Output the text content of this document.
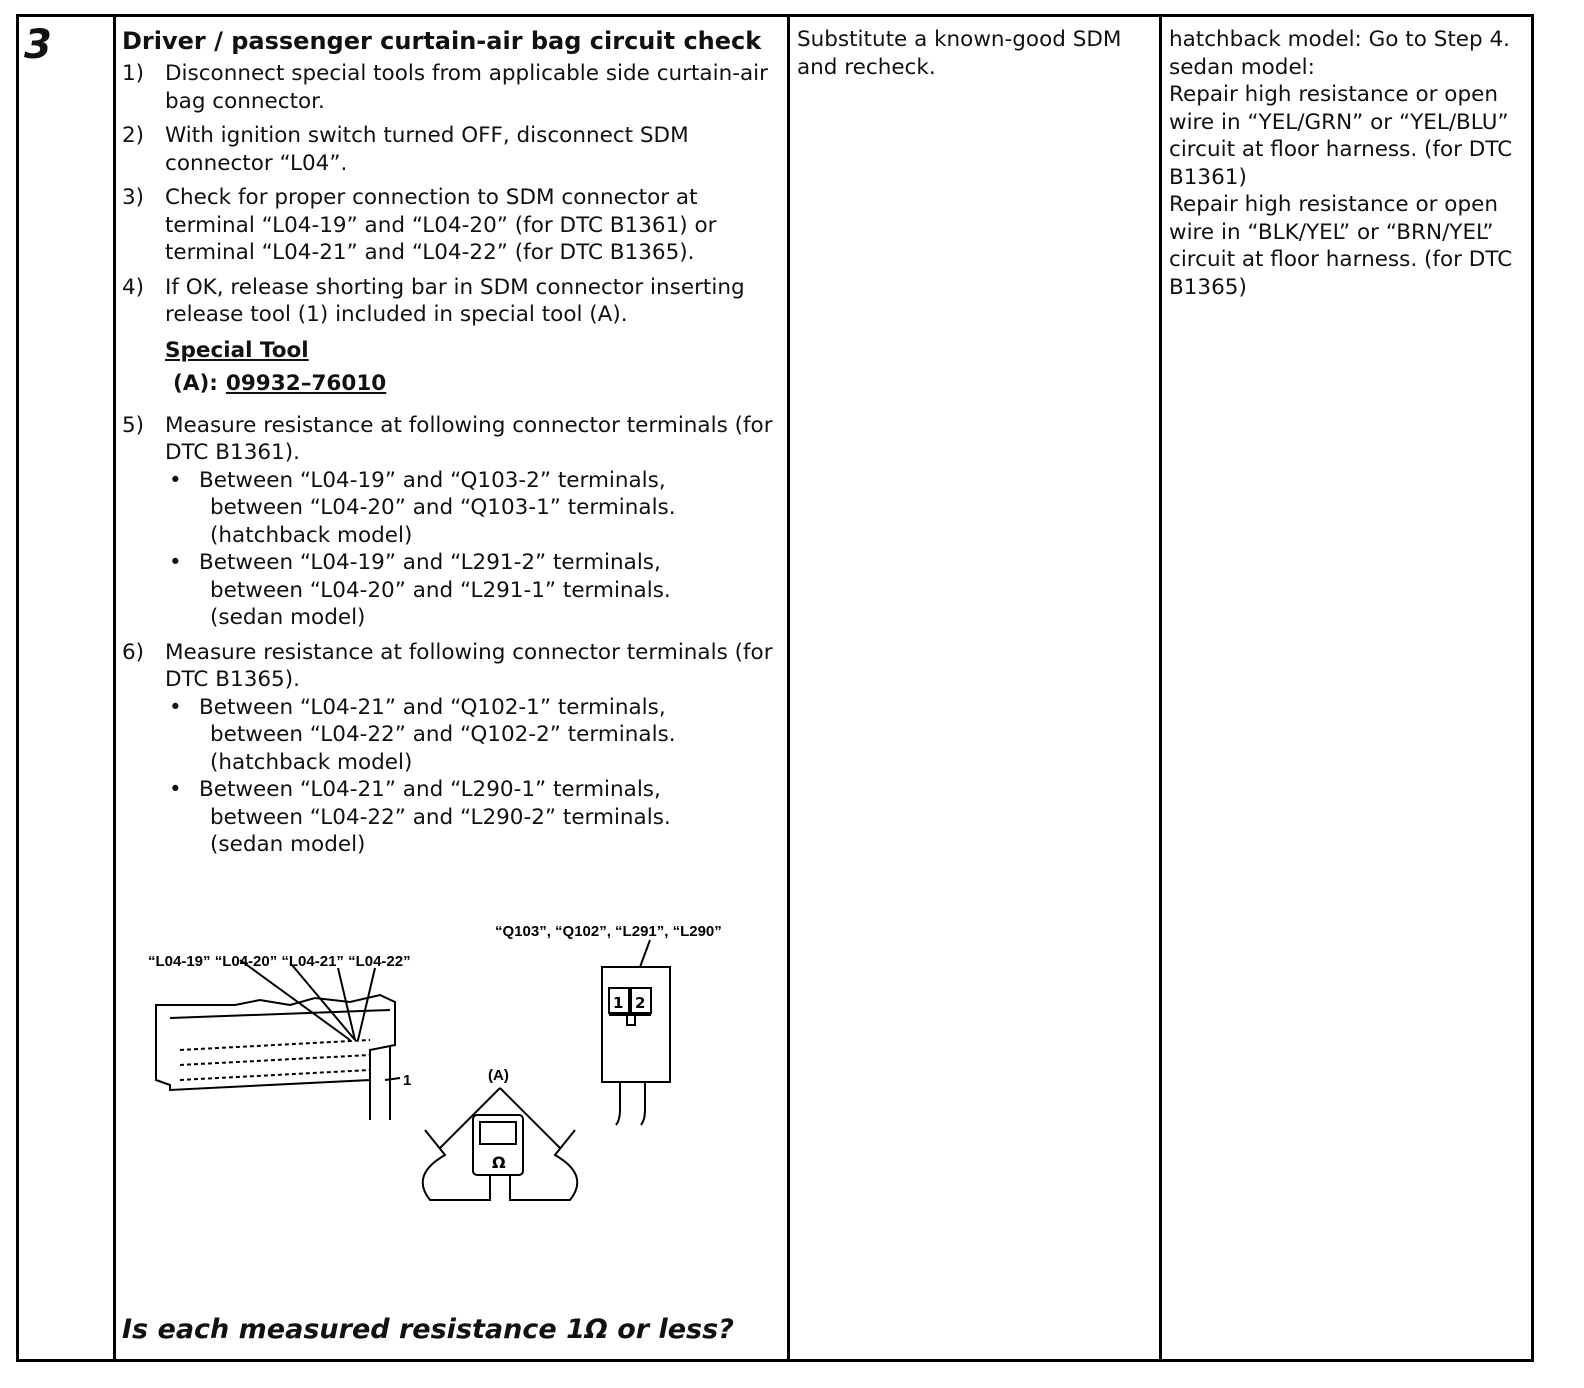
3	Driver / passenger curtain-air bag circuit check
1) Disconnect special tools from applicable side curtain-air bag connector.
2) With ignition switch turned OFF, disconnect SDM connector “L04”.
3) Check for proper connection to SDM connector at terminal “L04-19” and “L04-20” (for DTC B1361) or terminal “L04-21” and “L04-22” (for DTC B1365).
4) If OK, release shorting bar in SDM connector inserting release tool (1) included in special tool (A).
Special Tool
(A): 09932–76010
5) Measure resistance at following connector terminals (for DTC B1361).
• Between “L04-19” and “Q103-2” terminals,
between “L04-20” and “Q103-1” terminals.
(hatchback model)
• Between “L04-19” and “L291-2” terminals,
between “L04-20” and “L291-1” terminals.
(sedan model)
6) Measure resistance at following connector terminals (for DTC B1365).
• Between “L04-21” and “Q102-1” terminals,
between “L04-22” and “Q102-2” terminals.
(hatchback model)
• Between “L04-21” and “L290-1” terminals,
between “L04-22” and “L290-2” terminals.
(sedan model)
“L04-19” “L04-20” “L04-21” “L04-22”
“Q103”, “Q102”, “L291”, “L290”
1	(A)
Ω
1 2
Is each measured resistance 1Ω or less?
Substitute a known-good SDM and recheck.
hatchback model: Go to Step 4.
sedan model:
Repair high resistance or open wire in “YEL/GRN” or “YEL/BLU” circuit at floor harness. (for DTC B1361)
Repair high resistance or open wire in “BLK/YEL” or “BRN/YEL” circuit at floor harness. (for DTC B1365)
